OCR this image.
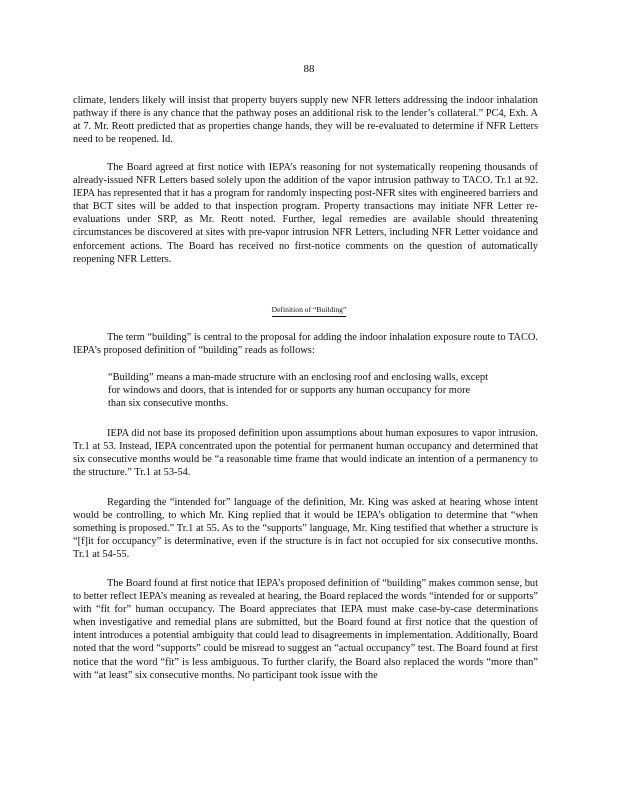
88

climate, lenders likely will insist that property buyers supply new NFR letters addressing the indoor inhalation pathway if there is any chance that the pathway poses an additional risk to the lender’s collateral.” PC4, Exh. A at 7. Mr. Reott predicted that as properties change hands, they will be re-evaluated to determine if NFR Letters need to be reopened. Id.

The Board agreed at first notice with IEPA’s reasoning for not systematically reopening thousands of already-issued NFR Letters based solely upon the addition of the vapor intrusion pathway to TACO. Tr.1 at 92. IEPA has represented that it has a program for randomly inspecting post-NFR sites with engineered barriers and that BCT sites will be added to that inspection program. Property transactions may initiate NFR Letter re-evaluations under SRP, as Mr. Reott noted. Further, legal remedies are available should threatening circumstances be discovered at sites with pre-vapor intrusion NFR Letters, including NFR Letter voidance and enforcement actions. The Board has received no first-notice comments on the question of automatically reopening NFR Letters.

Definition of “Building”

The term “building” is central to the proposal for adding the indoor inhalation exposure route to TACO. IEPA’s proposed definition of “building” reads as follows:

“Building” means a man-made structure with an enclosing roof and enclosing walls, except for windows and doors, that is intended for or supports any human occupancy for more than six consecutive months.

IEPA did not base its proposed definition upon assumptions about human exposures to vapor intrusion. Tr.1 at 53. Instead, IEPA concentrated upon the potential for permanent human occupancy and determined that six consecutive months would be “a reasonable time frame that would indicate an intention of a permanency to the structure.” Tr.1 at 53-54.

Regarding the “intended for” language of the definition, Mr. King was asked at hearing whose intent would be controlling, to which Mr. King replied that it would be IEPA’s obligation to determine that “when something is proposed.” Tr.1 at 55. As to the “supports” language, Mr. King testified that whether a structure is “[f]it for occupancy” is determinative, even if the structure is in fact not occupied for six consecutive months. Tr.1 at 54-55.

The Board found at first notice that IEPA’s proposed definition of “building” makes common sense, but to better reflect IEPA’s meaning as revealed at hearing, the Board replaced the words “intended for or supports” with “fit for” human occupancy. The Board appreciates that IEPA must make case-by-case determinations when investigative and remedial plans are submitted, but the Board found at first notice that the question of intent introduces a potential ambiguity that could lead to disagreements in implementation. Additionally, Board noted that the word “supports” could be misread to suggest an “actual occupancy” test. The Board found at first notice that the word “fit” is less ambiguous. To further clarify, the Board also replaced the words “more than” with “at least” six consecutive months. No participant took issue with the
